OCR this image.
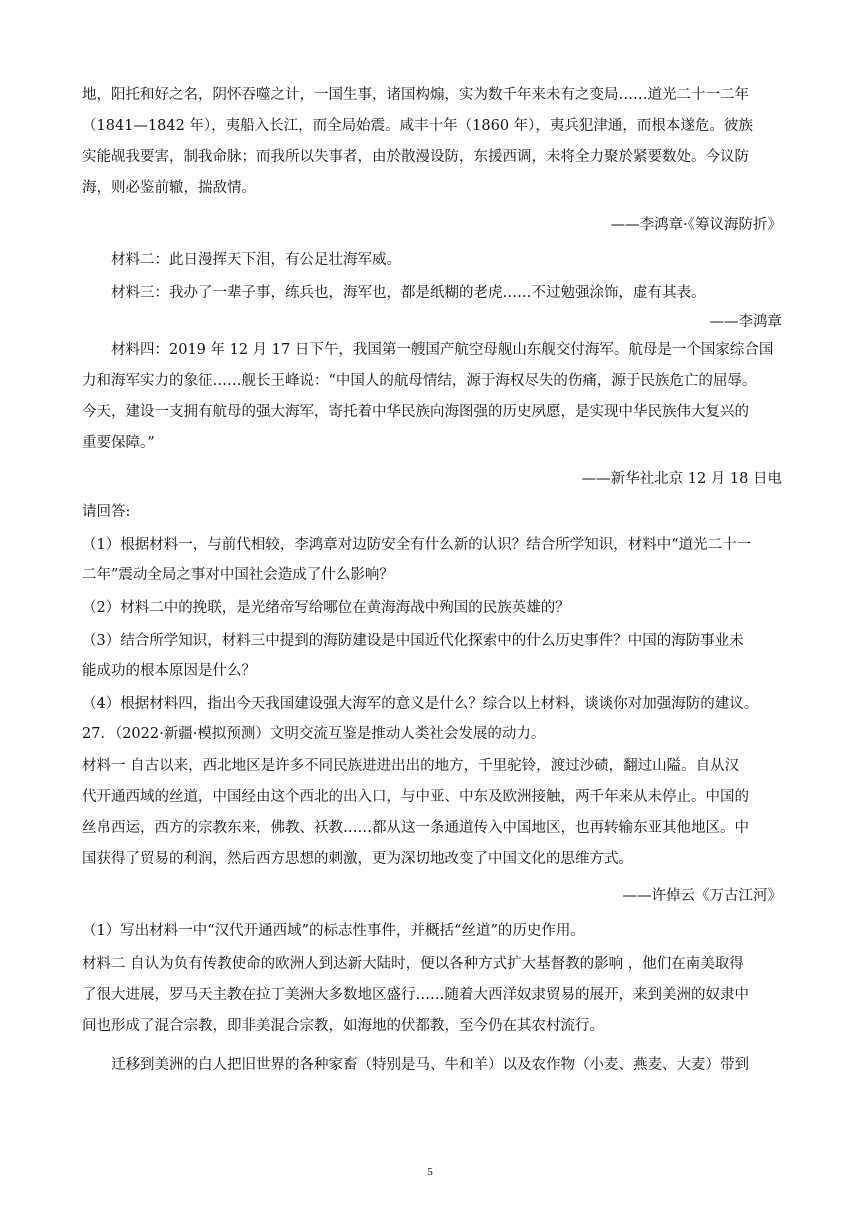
地，阳托和好之名，阴怀吞噬之计，一国生事，诸国构煽，实为数千年来未有之变局……道光二十一二年

（1841—1842 年），夷船入长江，而全局始震。咸丰十年（1860 年），夷兵犯津通，而根本遂危。彼族

实能觇我要害，制我命脉；而我所以失事者，由於散漫设防，东援西调，未将全力聚於紧要数处。今议防

海，则必鉴前辙，揣敌情。

——李鸿章·《筹议海防折》

材料二：此日漫挥天下泪，有公足壮海军威。

材料三：我办了一辈子事，练兵也，海军也，都是纸糊的老虎……不过勉强涂饰，虚有其表。

——李鸿章

材料四：2019 年 12 月 17 日下午，我国第一艘国产航空母舰山东舰交付海军。航母是一个国家综合国

力和海军实力的象征……舰长王峰说：“中国人的航母情结，源于海权尽失的伤痛，源于民族危亡的屈辱。

今天，建设一支拥有航母的强大海军，寄托着中华民族向海图强的历史夙愿，是实现中华民族伟大复兴的

重要保障。”

——新华社北京 12 月 18 日电

请回答:

（1）根据材料一，与前代相较，李鸿章对边防安全有什么新的认识？结合所学知识，材料中“道光二十一

二年”震动全局之事对中国社会造成了什么影响？

（2）材料二中的挽联，是光绪帝写给哪位在黄海海战中殉国的民族英雄的？

（3）结合所学知识，材料三中提到的海防建设是中国近代化探索中的什么历史事件？中国的海防事业未

能成功的根本原因是什么？

（4）根据材料四，指出今天我国建设强大海军的意义是什么？综合以上材料，谈谈你对加强海防的建议。

27．（2022·新疆·模拟预测）文明交流互鉴是推动人类社会发展的动力。

材料一 自古以来，西北地区是许多不同民族进进出出的地方，千里驼铃，渡过沙碛，翻过山隘。自从汉

代开通西域的丝道，中国经由这个西北的出入口，与中亚、中东及欧洲接触，两千年来从未停止。中国的

丝帛西运，西方的宗教东来，佛教、袄教……都从这一条通道传入中国地区，也再转输东亚其他地区。中

国获得了贸易的利润，然后西方思想的刺激，更为深切地改变了中国文化的思维方式。

——许倬云《万古江河》

（1）写出材料一中“汉代开通西域”的标志性事件，并概括“丝道”的历史作用。

材料二 自认为负有传教使命的欧洲人到达新大陆时，便以各种方式扩大基督教的影响 ，他们在南美取得

了很大进展，罗马天主教在拉丁美洲大多数地区盛行……随着大西洋奴隶贸易的展开，来到美洲的奴隶中

间也形成了混合宗教，即非美混合宗教，如海地的伏都教，至今仍在其农村流行。

迁移到美洲的白人把旧世界的各种家畜（特别是马、牛和羊）以及农作物（小麦、燕麦、大麦）带到

5
